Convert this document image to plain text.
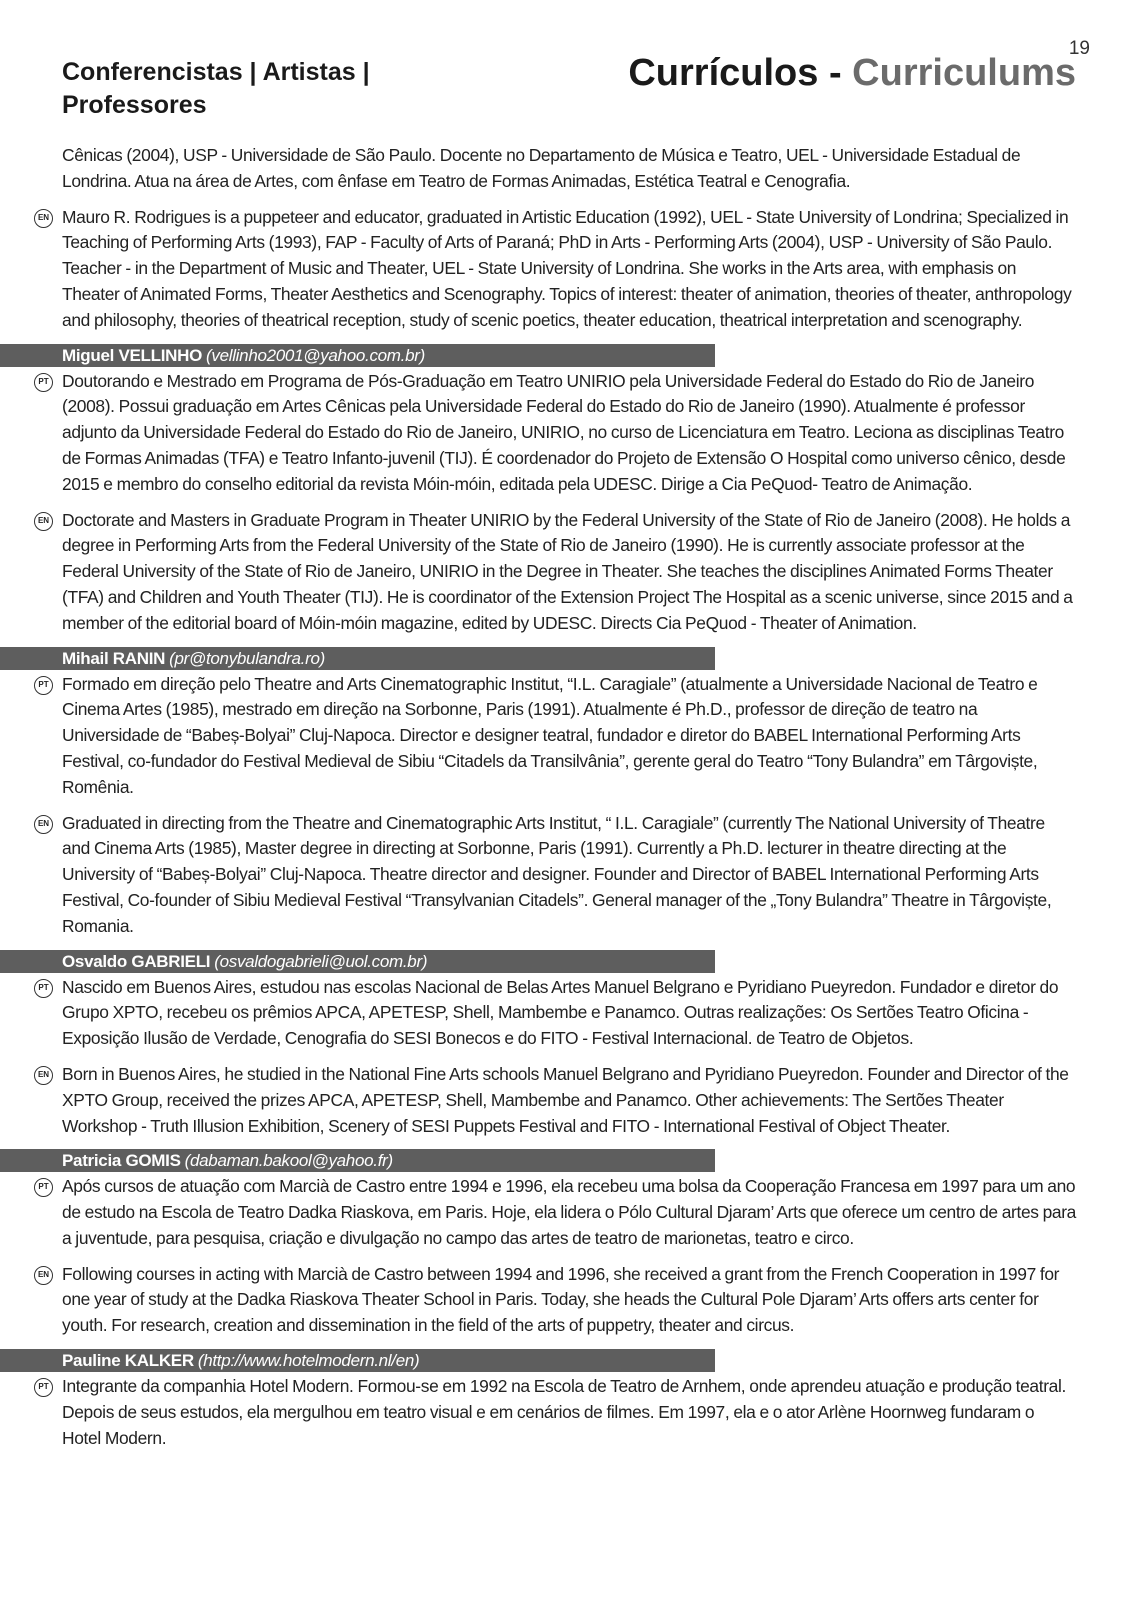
19
Conferencistas | Artistas | Professores
Currículos - Curriculums

Cênicas (2004), USP - Universidade de São Paulo. Docente no Departamento de Música e Teatro, UEL - Universidade Estadual de Londrina. Atua na área de Artes, com ênfase em Teatro de Formas Animadas, Estética Teatral e Cenografia.

EN Mauro R. Rodrigues is a puppeteer and educator, graduated in Artistic Education (1992), UEL - State University of Londrina; Specialized in Teaching of Performing Arts (1993), FAP - Faculty of Arts of Paraná; PhD in Arts - Performing Arts (2004), USP - University of São Paulo. Teacher - in the Department of Music and Theater, UEL - State University of Londrina. She works in the Arts area, with emphasis on Theater of Animated Forms, Theater Aesthetics and Scenography. Topics of interest: theater of animation, theories of theater, anthropology and philosophy, theories of theatrical reception, study of scenic poetics, theater education, theatrical interpretation and scenography.
Miguel VELLINHO (vellinho2001@yahoo.com.br)
PT Doutorando e Mestrado em Programa de Pós-Graduação em Teatro UNIRIO pela Universidade Federal do Estado do Rio de Janeiro (2008). Possui graduação em Artes Cênicas pela Universidade Federal do Estado do Rio de Janeiro (1990). Atualmente é professor adjunto da Universidade Federal do Estado do Rio de Janeiro, UNIRIO, no curso de Licenciatura em Teatro. Leciona as disciplinas Teatro de Formas Animadas (TFA) e Teatro Infanto-juvenil (TIJ). É coordenador do Projeto de Extensão O Hospital como universo cênico, desde 2015 e membro do conselho editorial da revista Móin-móin, editada pela UDESC. Dirige a Cia PeQuod- Teatro de Animação.
EN Doctorate and Masters in Graduate Program in Theater UNIRIO by the Federal University of the State of Rio de Janeiro (2008). He holds a degree in Performing Arts from the Federal University of the State of Rio de Janeiro (1990). He is currently associate professor at the Federal University of the State of Rio de Janeiro, UNIRIO in the Degree in Theater. She teaches the disciplines Animated Forms Theater (TFA) and Children and Youth Theater (TIJ). He is coordinator of the Extension Project The Hospital as a scenic universe, since 2015 and a member of the editorial board of Móin-móin magazine, edited by UDESC. Directs Cia PeQuod - Theater of Animation.
Mihail RANIN (pr@tonybulandra.ro)
PT Formado em direção pelo Theatre and Arts Cinematographic Institut, “I.L. Caragiale” (atualmente a Universidade Nacional de Teatro e Cinema Artes (1985), mestrado em direção na Sorbonne, Paris (1991). Atualmente é Ph.D., professor de direção de teatro na Universidade de “Babeș-Bolyai” Cluj-Napoca. Director e designer teatral, fundador e diretor do BABEL International Performing Arts Festival, co-fundador do Festival Medieval de Sibiu “Citadels da Transilvânia”, gerente geral do Teatro “Tony Bulandra” em Târgoviște, Romênia.
EN Graduated in directing from the Theatre and Cinematographic Arts Institut, “ I.L. Caragiale” (currently The National University of Theatre and Cinema Arts (1985), Master degree in directing at Sorbonne, Paris (1991). Currently a Ph.D. lecturer in theatre directing at the University of “Babeș-Bolyai” Cluj-Napoca. Theatre director and designer. Founder and Director of BABEL International Performing Arts Festival, Co-founder of Sibiu Medieval Festival “Transylvanian Citadels”. General manager of the „Tony Bulandra” Theatre in Târgoviște, Romania.
Osvaldo GABRIELI (osvaldogabrieli@uol.com.br)
PT Nascido em Buenos Aires, estudou nas escolas Nacional de Belas Artes Manuel Belgrano e Pyridiano Pueyredon. Fundador e diretor do Grupo XPTO, recebeu os prêmios APCA, APETESP, Shell, Mambembe e Panamco. Outras realizações: Os Sertões Teatro Oficina - Exposição Ilusão de Verdade, Cenografia do SESI Bonecos e do FITO - Festival Internacional. de Teatro de Objetos.
EN Born in Buenos Aires, he studied in the National Fine Arts schools Manuel Belgrano and Pyridiano Pueyredon. Founder and Director of the XPTO Group, received the prizes APCA, APETESP, Shell, Mambembe and Panamco. Other achievements: The Sertões Theater Workshop - Truth Illusion Exhibition, Scenery of SESI Puppets Festival and FITO - International Festival of Object Theater.
Patricia GOMIS (dabaman.bakool@yahoo.fr)
PT Após cursos de atuação com Marcià de Castro entre 1994 e 1996, ela recebeu uma bolsa da Cooperação Francesa em 1997 para um ano de estudo na Escola de Teatro Dadka Riaskova, em Paris. Hoje, ela lidera o Pólo Cultural Djaram’ Arts que oferece um centro de artes para a juventude, para pesquisa, criação e divulgação no campo das artes de teatro de marionetas, teatro e circo.
EN Following courses in acting with Marcià de Castro between 1994 and 1996, she received a grant from the French Cooperation in 1997 for one year of study at the Dadka Riaskova Theater School in Paris. Today, she heads the Cultural Pole Djaram’ Arts offers arts center for youth. For research, creation and dissemination in the field of the arts of puppetry, theater and circus.
Pauline KALKER (http://www.hotelmodern.nl/en)
PT Integrante da companhia Hotel Modern. Formou-se em 1992 na Escola de Teatro de Arnhem, onde aprendeu atuação e produção teatral. Depois de seus estudos, ela mergulhou em teatro visual e em cenários de filmes. Em 1997, ela e o ator Arlène Hoornweg fundaram o Hotel Modern.
